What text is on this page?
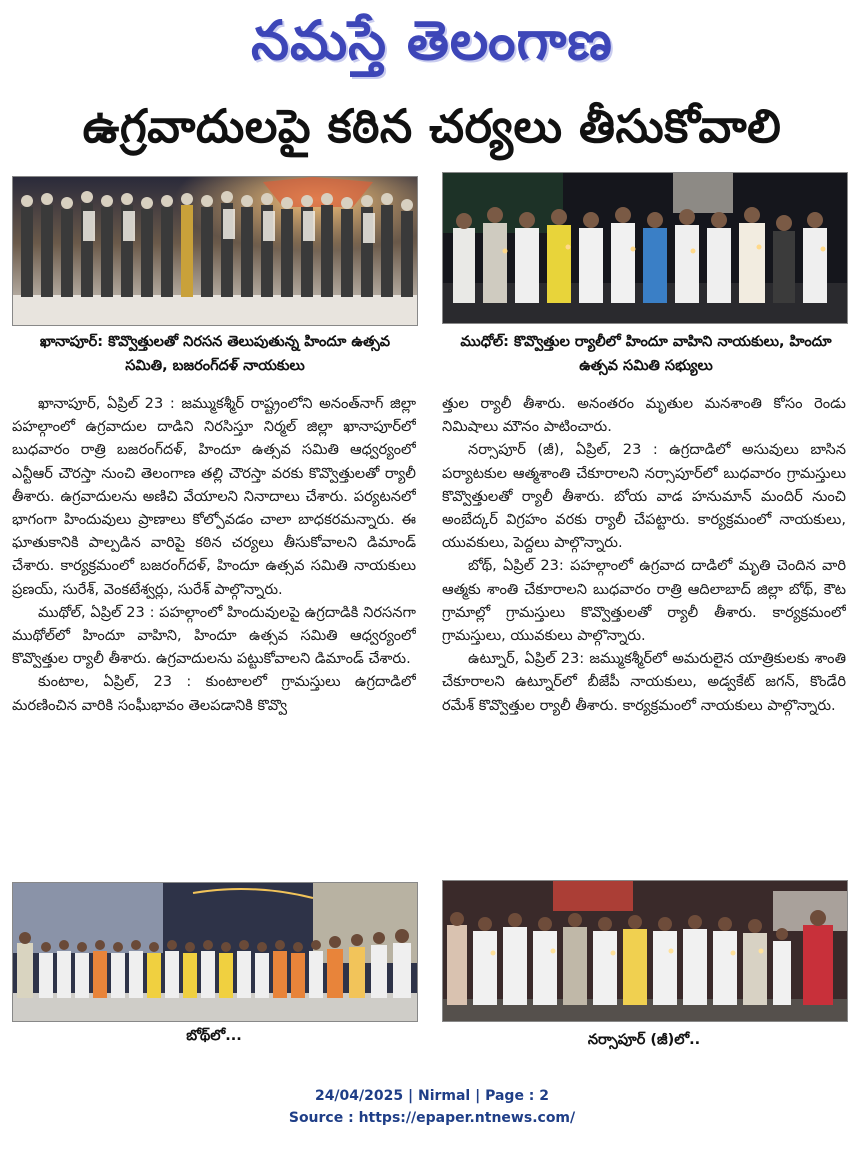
నమస్తే తెలంగాణ
ఉగ్రవాదులపై కఠిన చర్యలు తీసుకోవాలి
ఖానాపూర్: కొవ్వొత్తులతో నిరసన తెలుపుతున్న హిందూ ఉత్సవ సమితి, బజరంగ్‌దళ్ నాయకులు
ముధోల్: కొవ్వొత్తుల ర్యాలీలో హిందూ వాహిని నాయకులు, హిందూ ఉత్సవ సమితి సభ్యులు

ఖానాపూర్, ఏప్రిల్ 23 : జమ్ముకశ్మీర్ రాష్ట్రంలోని అనంత్‌నాగ్ జిల్లా పహల్గాంలో ఉగ్రవాదుల దాడిని నిరసిస్తూ నిర్మల్ జిల్లా ఖానాపూర్‌లో బుధవారం రాత్రి బజరంగ్‌దళ్, హిందూ ఉత్సవ సమితి ఆధ్వర్యంలో ఎన్టీఆర్ చౌరస్తా నుంచి తెలంగాణ తల్లి చౌరస్తా వరకు కొవ్వొత్తులతో ర్యాలీ తీశారు. ఉగ్రవాదులను అణిచి వేయాలని నినాదాలు చేశారు. పర్యటనలో భాగంగా హిందువులు ప్రాణాలు కోల్పోవడం చాలా బాధకరమన్నారు. ఈ ఘాతుకానికి పాల్పడిన వారిపై కఠిన చర్యలు తీసుకోవాలని డిమాండ్ చేశారు. కార్యక్రమంలో బజరంగ్‌దళ్, హిందూ ఉత్సవ సమితి నాయకులు ప్రణయ్, సురేశ్, వెంకటేశ్వర్లు, సురేశ్ పాల్గొన్నారు.

ముథోల్, ఏప్రిల్ 23 : పహల్గాంలో హిందువులపై ఉగ్రదాడికి నిరసనగా ముథోల్‌లో హిందూ వాహిని, హిందూ ఉత్సవ సమితి ఆధ్వర్యంలో కొవ్వొత్తుల ర్యాలీ తీశారు. ఉగ్రవాదులను పట్టుకోవాలని డిమాండ్ చేశారు.

కుంటాల, ఏప్రిల్, 23 : కుంటాలలో గ్రామస్తులు ఉగ్రదాడిలో మరణించిన వారికి సంఘీభావం తెలపడానికి కొవ్వొ

త్తుల ర్యాలీ తీశారు. అనంతరం మృతుల మనశాంతి కోసం రెండు నిమిషాలు మౌనం పాటించారు.

నర్సాపూర్ (జీ), ఏప్రిల్, 23 : ఉగ్రదాడిలో అసువులు బాసిన పర్యాటకుల ఆత్మశాంతి చేకూరాలని నర్సాపూర్‌లో బుధవారం గ్రామస్తులు కొవ్వొత్తులతో ర్యాలీ తీశారు. బోయ వాడ హనుమాన్ మందిర్ నుంచి అంబేద్కర్ విగ్రహం వరకు ర్యాలీ చేపట్టారు. కార్యక్రమంలో నాయకులు, యువకులు, పెద్దలు పాల్గొన్నారు.

బోథ్, ఏప్రిల్ 23: పహల్గాంలో ఉగ్రవాద దాడిలో మృతి చెందిన వారి ఆత్మకు శాంతి చేకూరాలని బుధవారం రాత్రి ఆదిలాబాద్ జిల్లా బోథ్, కౌట గ్రామాల్లో గ్రామస్తులు కొవ్వొత్తులతో ర్యాలీ తీశారు. కార్యక్రమంలో గ్రామస్తులు, యువకులు పాల్గొన్నారు.

ఉట్నూర్, ఏప్రిల్ 23: జమ్ముకశ్మీర్‌లో అమరులైన యాత్రికులకు శాంతి చేకూరాలని ఉట్నూర్‌లో బీజేపీ నాయకులు, అడ్వకేట్ జగన్, కొండేరి రమేశ్ కొవ్వొత్తుల ర్యాలీ తీశారు. కార్యక్రమంలో నాయకులు పాల్గొన్నారు.

బోథ్‌లో...	నర్సాపూర్ (జీ)లో..
24/04/2025 | Nirmal | Page : 2
Source : https://epaper.ntnews.com/
